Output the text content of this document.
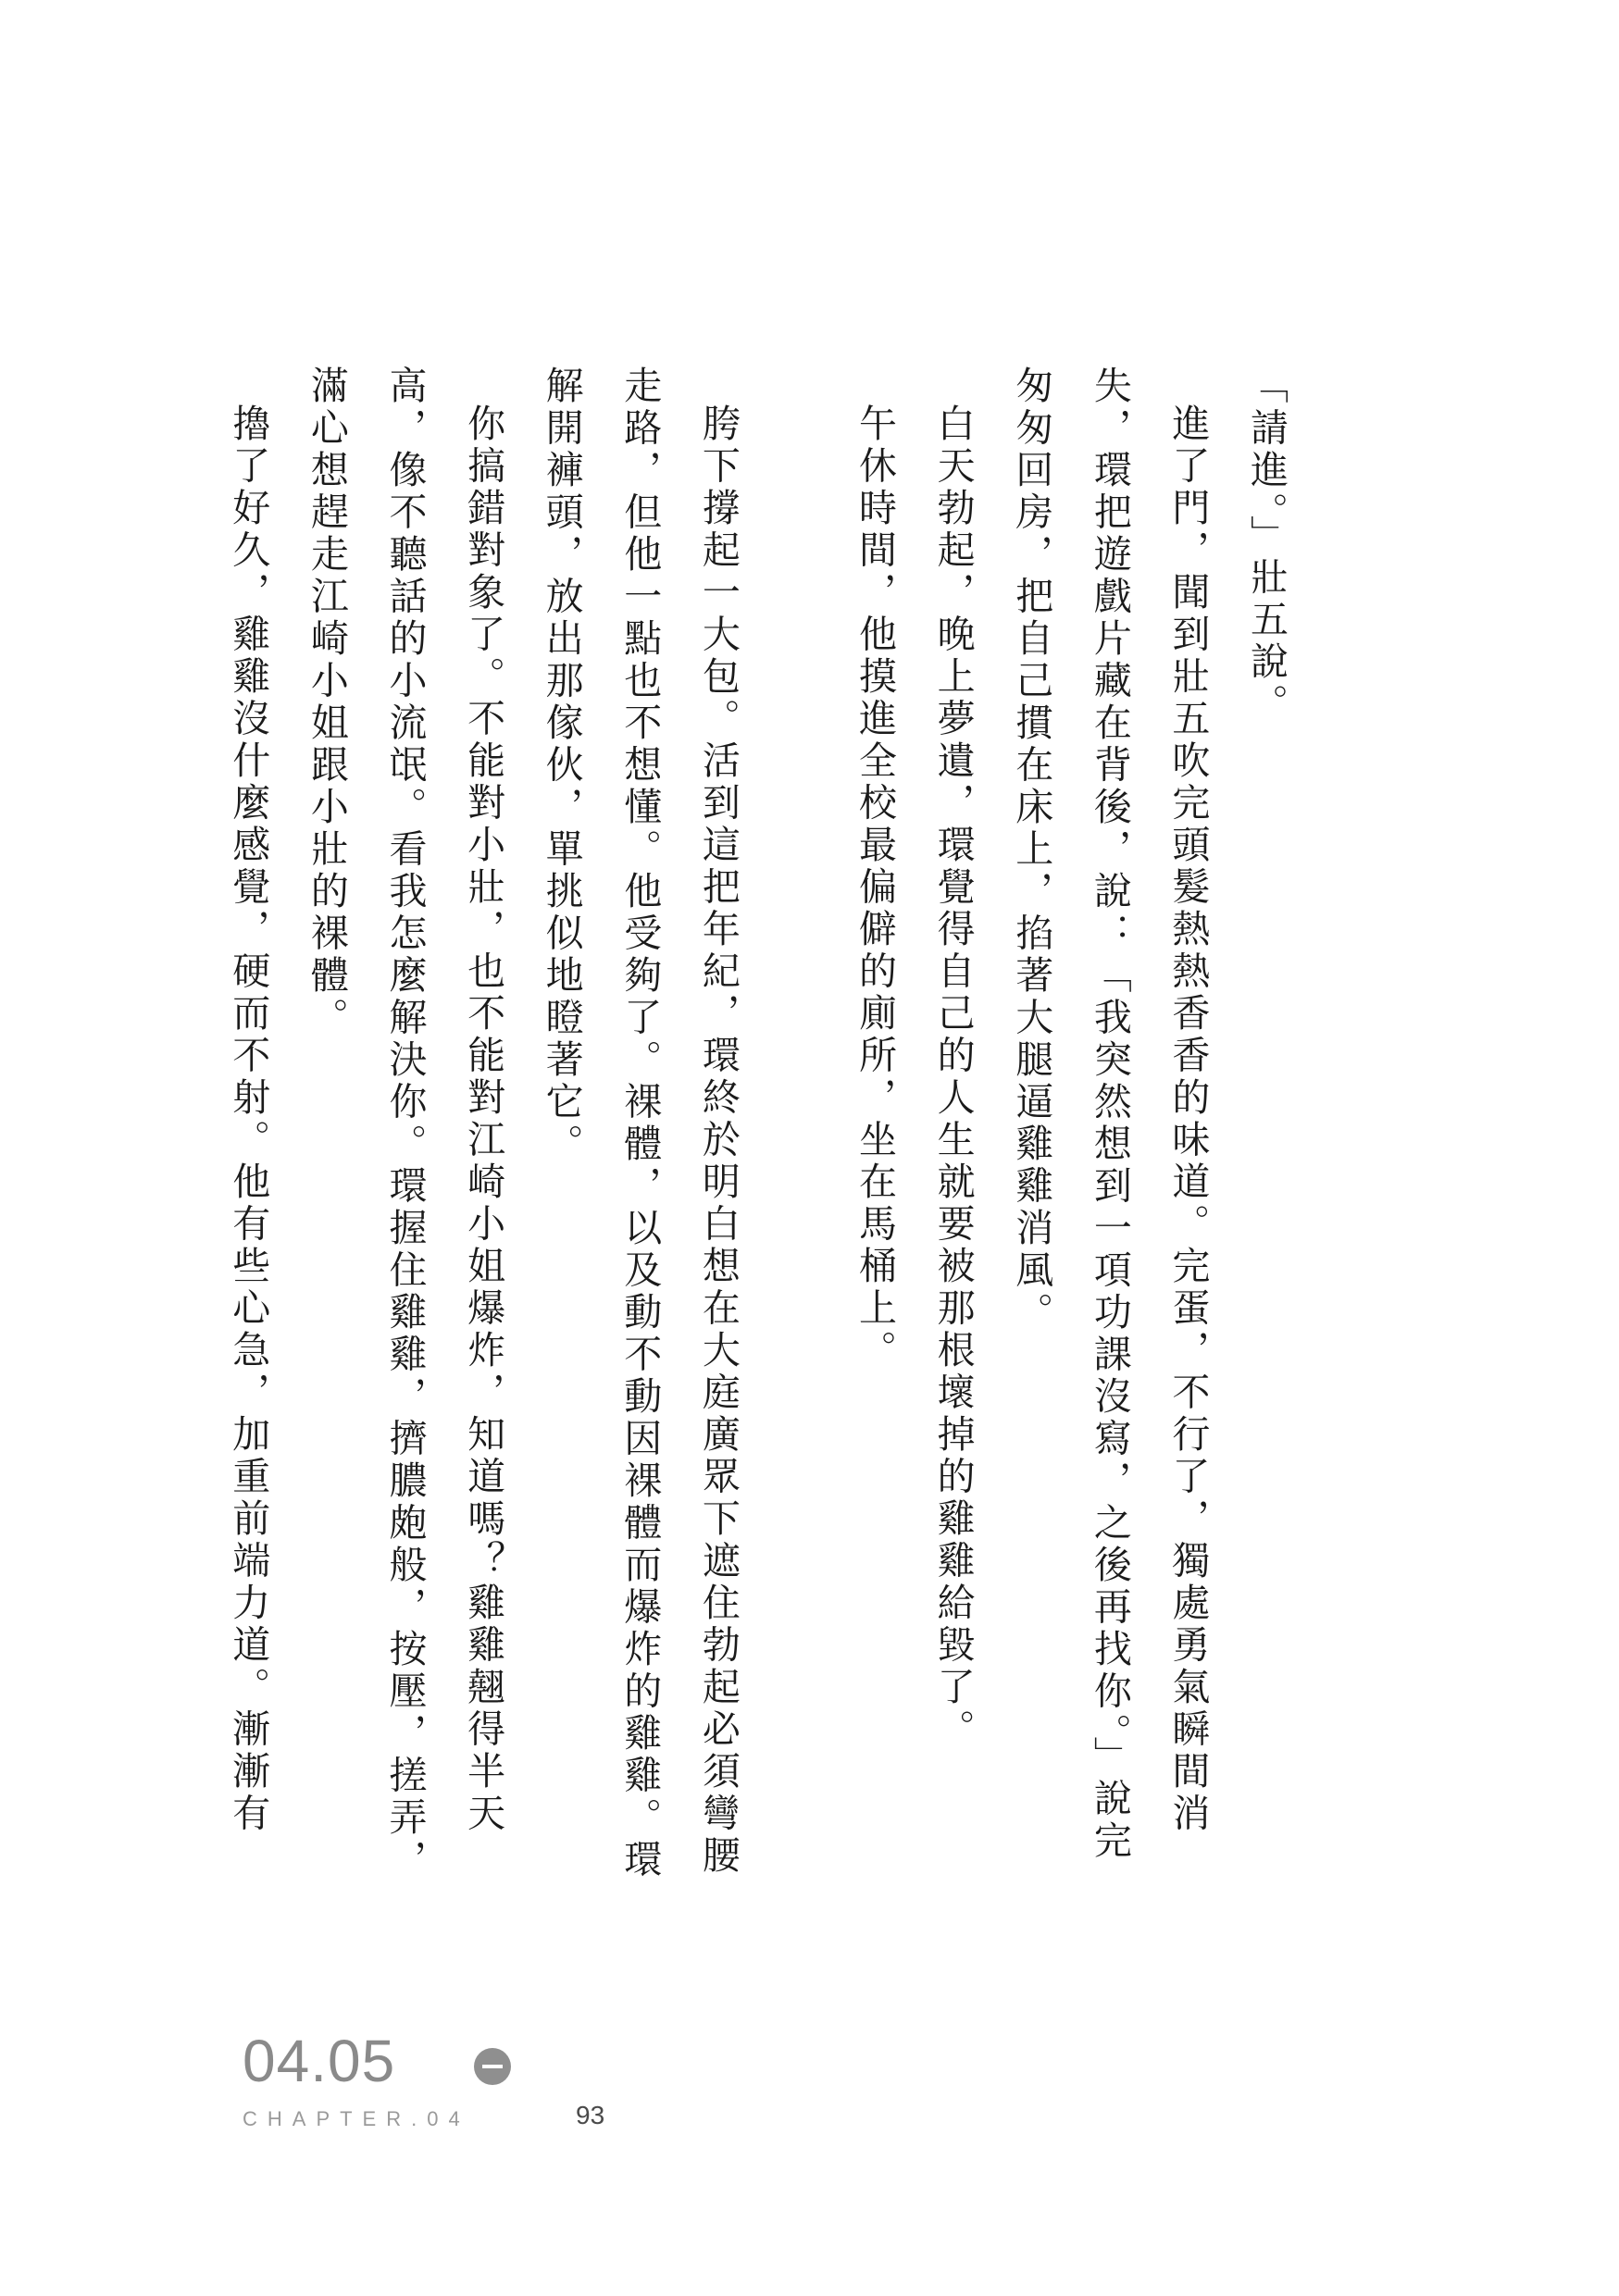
「請進。」壯五說。

進了門，聞到壯五吹完頭髮熱熱香香的味道。完蛋，不行了，獨處勇氣瞬間消失，環把遊戲片藏在背後，說：「我突然想到一項功課沒寫，之後再找你。」說完匆匆回房，把自己摜在床上，掐著大腿逼雞雞消風。

白天勃起，晚上夢遺，環覺得自己的人生就要被那根壞掉的雞雞給毀了。

午休時間，他摸進全校最偏僻的廁所，坐在馬桶上。

胯下撐起一大包。活到這把年紀，環終於明白想在大庭廣眾下遮住勃起必須彎腰走路，但他一點也不想懂。他受夠了。裸體，以及動不動因裸體而爆炸的雞雞。環解開褲頭，放出那傢伙，單挑似地瞪著它。

你搞錯對象了。不能對小壯，也不能對江崎小姐爆炸，知道嗎？雞雞翹得半天高，像不聽話的小流氓。看我怎麼解決你。環握住雞雞，擠膿皰般，按壓，搓弄，滿心想趕走江崎小姐跟小壯的裸體。

擼了好久，雞雞沒什麼感覺，硬而不射。他有些心急，加重前端力道。漸漸有

04.05
CHAPTER.04	93
